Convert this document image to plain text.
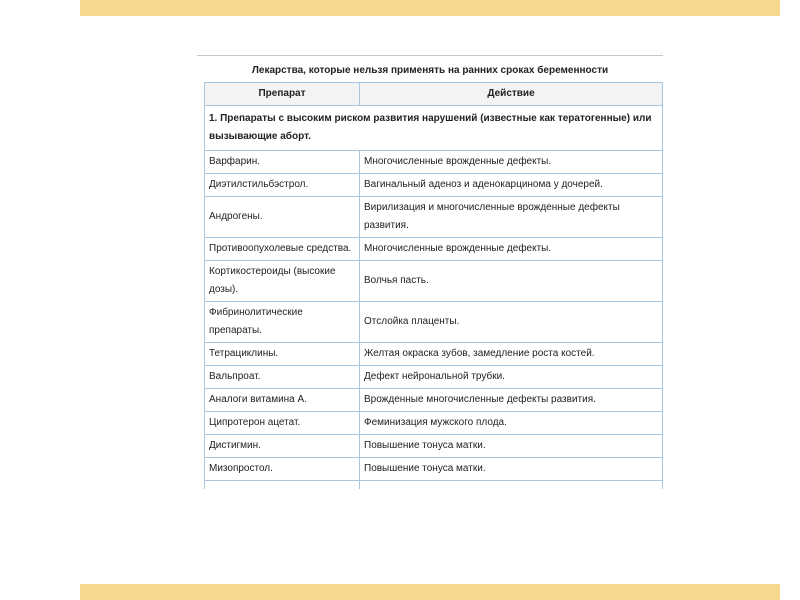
Лекарства, которые нельзя применять на ранних сроках беременности
Препарат	Действие
1. Препараты с высоким риском развития нарушений (известные как тератогенные) или вызывающие аборт.	
Варфарин.	Многочисленные врожденные дефекты.
Диэтилстильбэстрол.	Вагинальный аденоз и аденокарцинома у дочерей.
Андрогены.	Вирилизация и многочисленные врожденные дефекты развития.
Противоопухолевые средства.	Многочисленные врожденные дефекты.
Кортикостероиды (высокие дозы).	Волчья пасть.
Фибринолитические препараты.	Отслойка плаценты.
Тетрациклины.	Желтая окраска зубов, замедление роста костей.
Вальпроат.	Дефект нейрональной трубки.
Аналоги витамина А.	Врожденные многочисленные дефекты развития.
Ципротерон ацетат.	Феминизация мужского плода.
Дистигмин.	Повышение тонуса матки.
Мизопростол.	Повышение тонуса матки.
